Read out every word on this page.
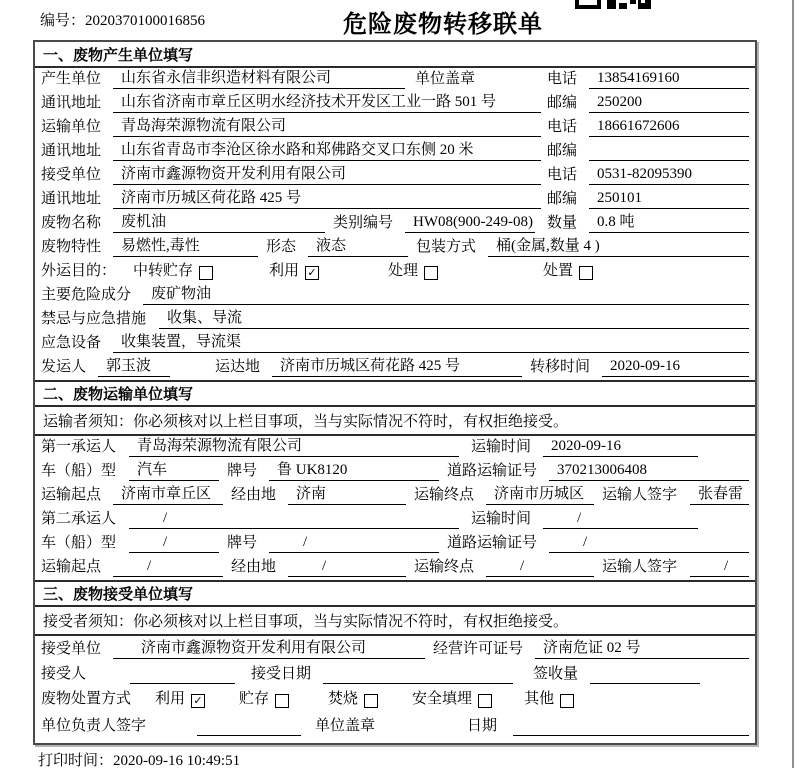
编号：2020370100016856	危险废物转移联单
一、废物产生单位填写
产生单位	山东省永信非织造材料有限公司	单位盖章	电话	13854169160
通讯地址	山东省济南市章丘区明水经济技术开发区工业一路 501 号	邮编	250200
运输单位	青岛海荣源物流有限公司	电话	18661672606
通讯地址	山东省青岛市李沧区徐水路和郑佛路交叉口东侧 20 米	邮编
接受单位	济南市鑫源物资开发利用有限公司	电话	0531-82095390
通讯地址	济南市历城区荷花路 425 号	邮编	250101
废物名称	废机油	类别编号	HW08(900-249-08) 数量	0.8 吨
废物特性	易燃性,毒性	形态	液态	包装方式	桶(金属,数量 4 )
外运目的：	中转贮存	利用 ✓	处理	处置
主要危险成分	废矿物油
禁忌与应急措施	收集、导流
应急设备	收集装置，导流渠
发运人	郭玉波	运达地	济南市历城区荷花路 425 号	转移时间	2020-09-16
二、废物运输单位填写
运输者须知：你必须核对以上栏目事项，当与实际情况不符时，有权拒绝接受。
第一承运人	青岛海荣源物流有限公司	运输时间	2020-09-16
车（船）型	汽车	牌号	鲁 UK8120	道路运输证号	370213006408
运输起点	济南市章丘区	经由地	济南	运输终点	济南市历城区	运输人签字	张春雷
第二承运人	/	运输时间	/
车（船）型	/	牌号	/	道路运输证号	/
运输起点	/	经由地	/	运输终点	/	运输人签字	/
三、废物接受单位填写
接受者须知：你必须核对以上栏目事项，当与实际情况不符时，有权拒绝接受。
接受单位	济南市鑫源物资开发利用有限公司	经营许可证号	济南危证 02 号
接受人	接受日期	签收量
废物处置方式 利用 ✓ 贮存	焚烧	安全填埋	其他
单位负责人签字	单位盖章	日期
打印时间：2020-09-16 10:49:51
